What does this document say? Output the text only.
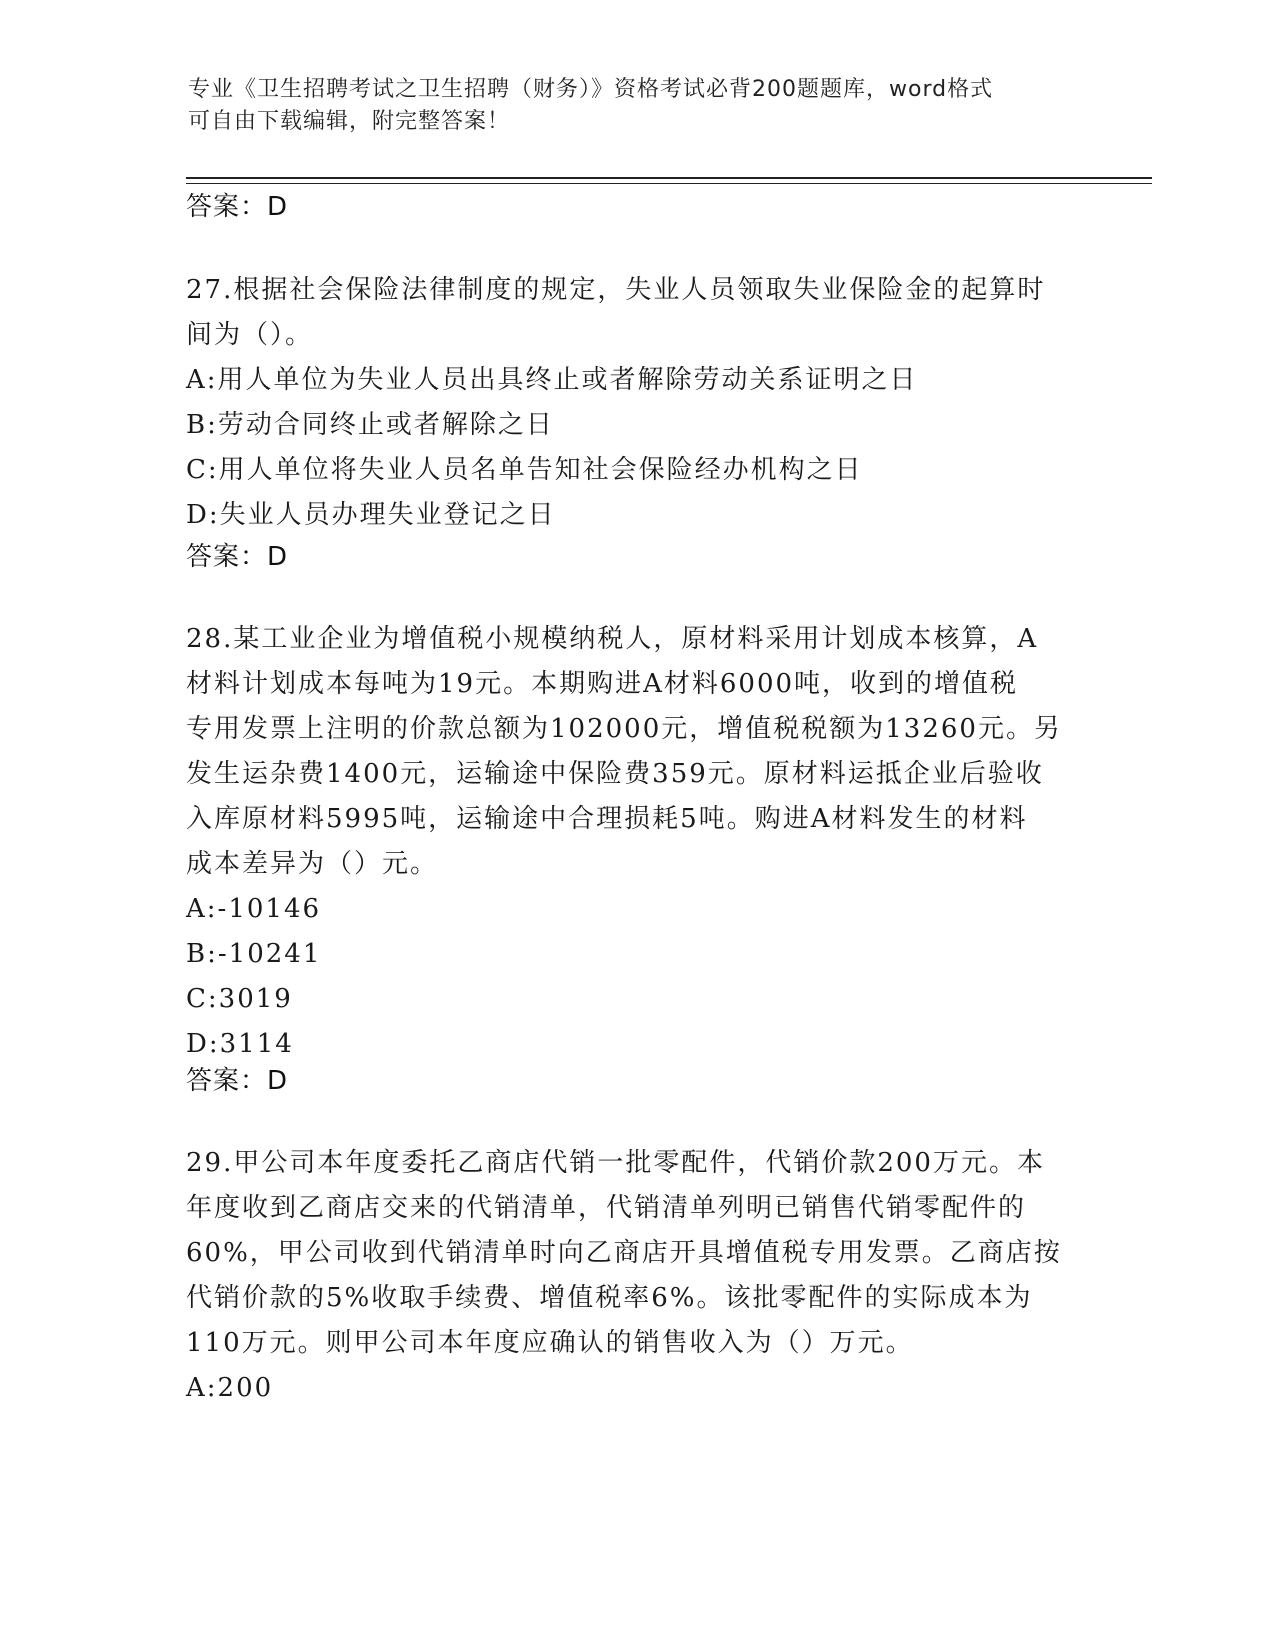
专业《卫生招聘考试之卫生招聘（财务）》资格考试必背200题题库，word格式
可自由下载编辑，附完整答案！
答案：D
27.根据社会保险法律制度的规定，失业人员领取失业保险金的起算时
间为（）。
A:用人单位为失业人员出具终止或者解除劳动关系证明之日
B:劳动合同终止或者解除之日
C:用人单位将失业人员名单告知社会保险经办机构之日
D:失业人员办理失业登记之日
答案：D
28.某工业企业为增值税小规模纳税人，原材料采用计划成本核算，A
材料计划成本每吨为19元。本期购进A材料6000吨，收到的增值税
专用发票上注明的价款总额为102000元，增值税税额为13260元。另
发生运杂费1400元，运输途中保险费359元。原材料运抵企业后验收
入库原材料5995吨，运输途中合理损耗5吨。购进A材料发生的材料
成本差异为（）元。
A:-10146
B:-10241
C:3019
D:3114
答案：D
29.甲公司本年度委托乙商店代销一批零配件，代销价款200万元。本
年度收到乙商店交来的代销清单，代销清单列明已销售代销零配件的
60%，甲公司收到代销清单时向乙商店开具增值税专用发票。乙商店按
代销价款的5%收取手续费、增值税率6%。该批零配件的实际成本为
110万元。则甲公司本年度应确认的销售收入为（）万元。
A:200
